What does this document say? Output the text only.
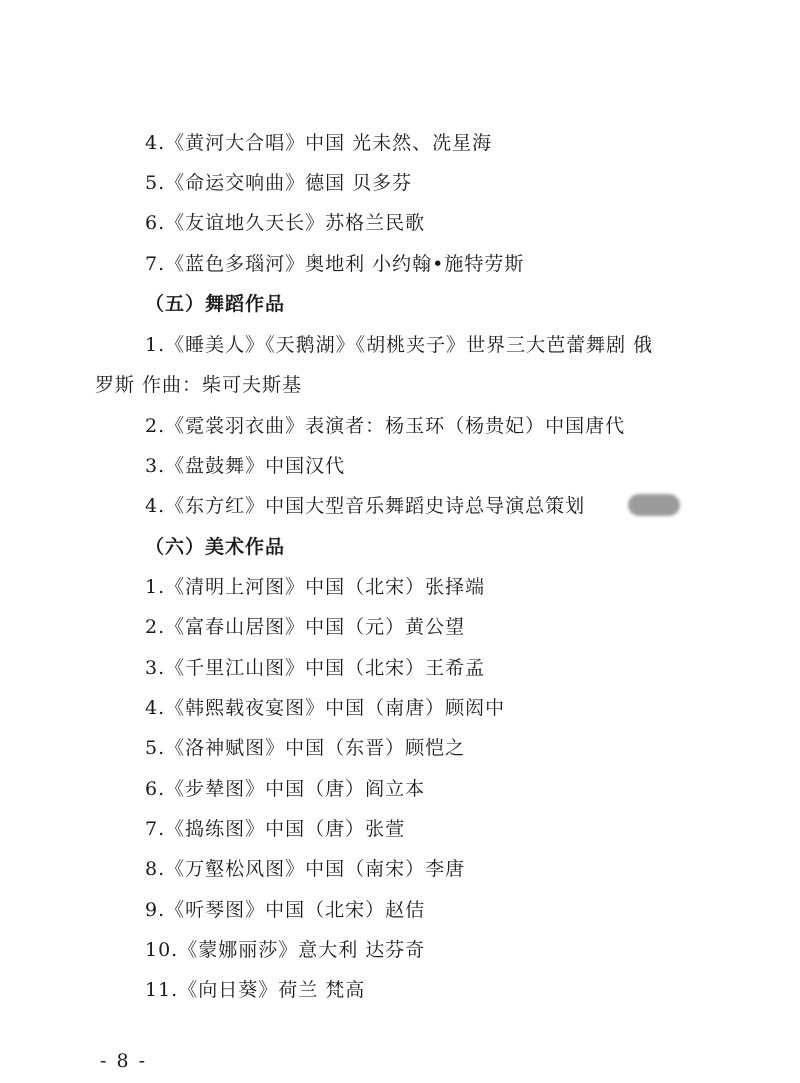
4.《黄河大合唱》中国 光未然、冼星海
5.《命运交响曲》德国 贝多芬
6.《友谊地久天长》苏格兰民歌
7.《蓝色多瑙河》奥地利 小约翰•施特劳斯
（五）舞蹈作品
1.《睡美人》《天鹅湖》《胡桃夹子》世界三大芭蕾舞剧 俄
罗斯 作曲：柴可夫斯基
2.《霓裳羽衣曲》表演者：杨玉环（杨贵妃）中国唐代
3.《盘鼓舞》中国汉代
4.《东方红》中国大型音乐舞蹈史诗总导演总策划
（六）美术作品
1.《清明上河图》中国（北宋）张择端
2.《富春山居图》中国（元）黄公望
3.《千里江山图》中国（北宋）王希孟
4.《韩熙载夜宴图》中国（南唐）顾闳中
5.《洛神赋图》中国（东晋）顾恺之
6.《步辇图》中国（唐）阎立本
7.《捣练图》中国（唐）张萱
8.《万壑松风图》中国（南宋）李唐
9.《听琴图》中国（北宋）赵佶
10.《蒙娜丽莎》意大利 达芬奇
11.《向日葵》荷兰 梵高
- 8 -
